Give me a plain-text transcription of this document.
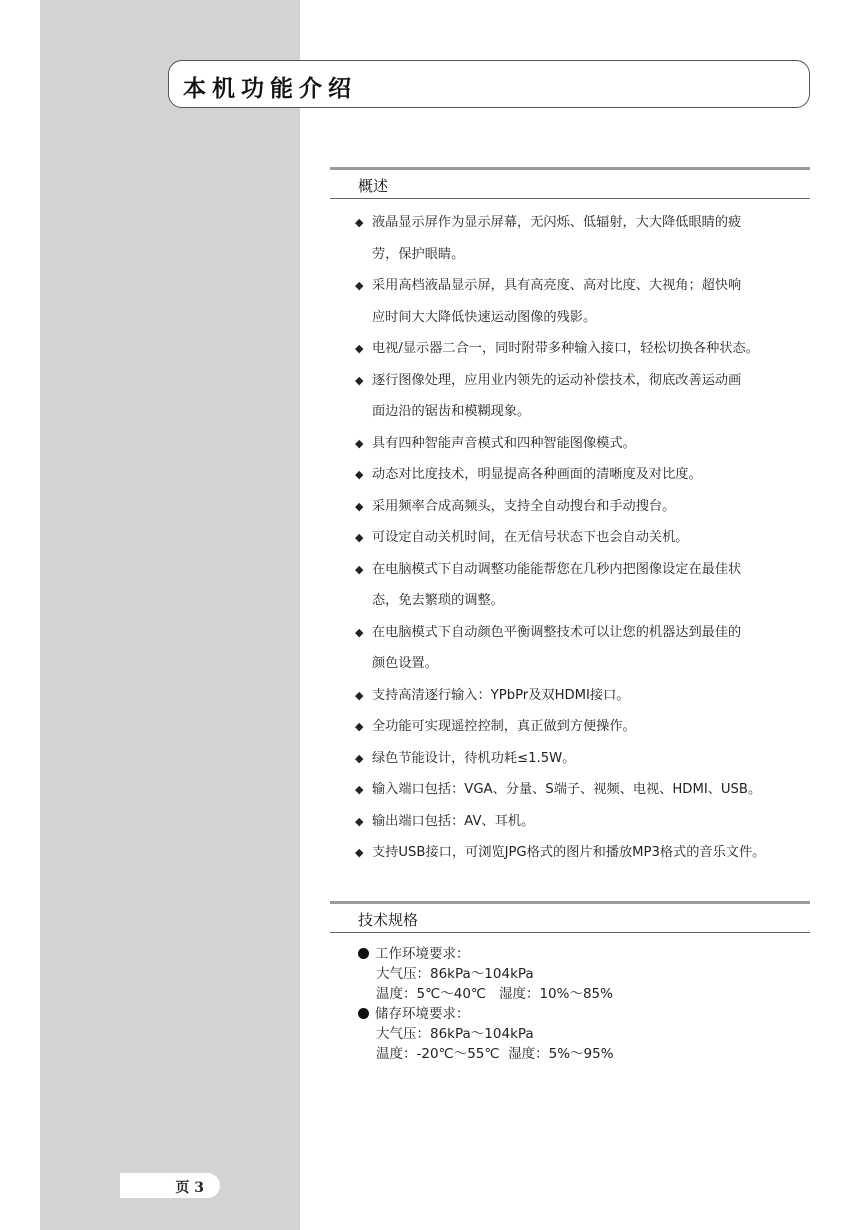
本机功能介绍
概述
◆ 液晶显示屏作为显示屏幕，无闪烁、低辐射，大大降低眼睛的疲
劳，保护眼睛。
◆ 采用高档液晶显示屏，具有高亮度、高对比度、大视角；超快响
应时间大大降低快速运动图像的残影。
◆ 电视/显示器二合一，同时附带多种输入接口，轻松切换各种状态。
◆ 逐行图像处理，应用业内领先的运动补偿技术，彻底改善运动画
面边沿的锯齿和模糊现象。
◆ 具有四种智能声音模式和四种智能图像模式。
◆ 动态对比度技术，明显提高各种画面的清晰度及对比度。
◆ 采用频率合成高频头，支持全自动搜台和手动搜台。
◆ 可设定自动关机时间，在无信号状态下也会自动关机。
◆ 在电脑模式下自动调整功能能帮您在几秒内把图像设定在最佳状
态，免去繁琐的调整。
◆ 在电脑模式下自动颜色平衡调整技术可以让您的机器达到最佳的
颜色设置。
◆ 支持高清逐行输入：YPbPr及双HDMI接口。
◆ 全功能可实现遥控控制，真正做到方便操作。
◆ 绿色节能设计，待机功耗≤1.5W。
◆ 输入端口包括：VGA、分量、S端子、视频、电视、HDMI、USB。
◆ 输出端口包括：AV、耳机。
◆ 支持USB接口，可浏览JPG格式的图片和播放MP3格式的音乐文件。
技术规格
工作环境要求：
大气压：86kPa～104kPa
温度：5℃～40℃   湿度：10%～85%
储存环境要求：
大气压：86kPa～104kPa
温度：-20℃～55℃  湿度：5%～95%
页 3
